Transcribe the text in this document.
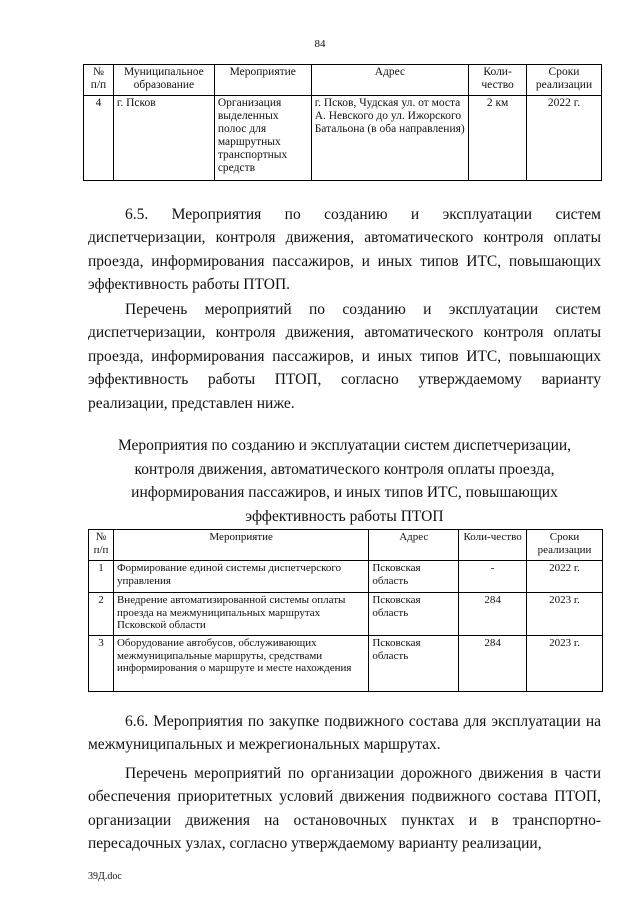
84
№ п/п	Муниципальное образование	Мероприятие	Адрес	Коли-чество	Сроки реализации
4	г. Псков	Организация выделенных полос для маршрутных транспортных средств	г. Псков, Чудская ул. от моста А. Невского до ул. Ижорского Батальона (в оба направления)	2 км	2022 г.

6.5. Мероприятия по созданию и эксплуатации систем диспетчеризации, контроля движения, автоматического контроля оплаты проезда, информирования пассажиров, и иных типов ИТС, повышающих эффективность работы ПТОП.

Перечень мероприятий по созданию и эксплуатации систем диспетчеризации, контроля движения, автоматического контроля оплаты проезда, информирования пассажиров, и иных типов ИТС, повышающих эффективность работы ПТОП, согласно утверждаемому варианту реализации, представлен ниже.

Мероприятия по созданию и эксплуатации систем диспетчеризации, контроля движения, автоматического контроля оплаты проезда, информирования пассажиров, и иных типов ИТС, повышающих эффективность работы ПТОП

№ п/п	Мероприятие	Адрес	Коли-чество	Сроки реализации
1	Формирование единой системы диспетчерского управления	Псковская область	-	2022 г.
2	Внедрение автоматизированной системы оплаты проезда на межмуниципальных маршрутах Псковской области	Псковская область	284	2023 г.
3	Оборудование автобусов, обслуживающих межмуниципальные маршруты, средствами информирования о маршруте и месте нахождения	Псковская область	284	2023 г.

6.6. Мероприятия по закупке подвижного состава для эксплуатации на межмуниципальных и межрегиональных маршрутах.

Перечень мероприятий по организации дорожного движения в части обеспечения приоритетных условий движения подвижного состава ПТОП, организации движения на остановочных пунктах и в транспортно-пересадочных узлах, согласно утверждаемому варианту реализации,

39Д.doc
